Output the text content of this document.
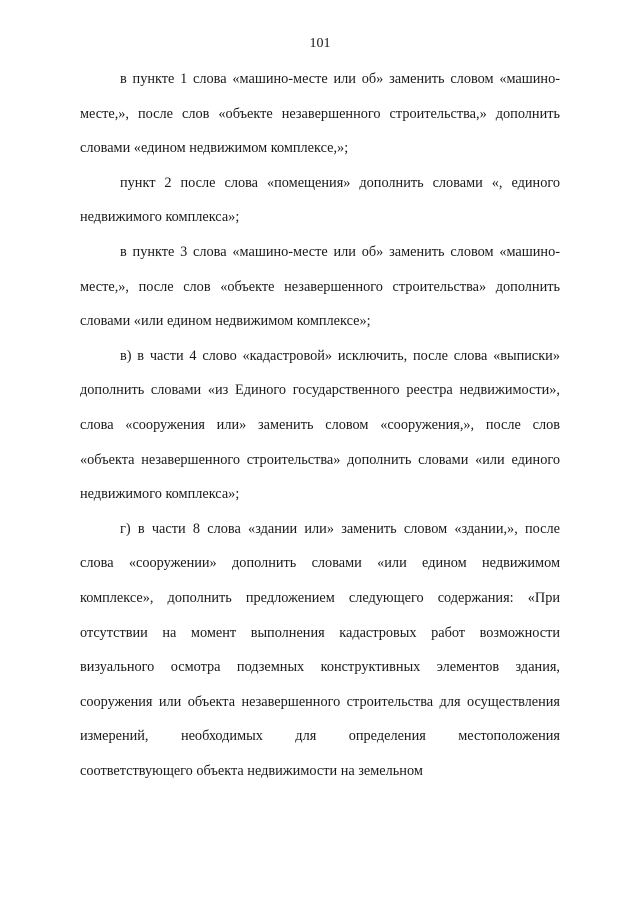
101

в пункте 1 слова «машино-месте или об» заменить словом «машино-месте,», после слов «объекте незавершенного строительства,» дополнить словами «едином недвижимом комплексе,»;

пункт 2 после слова «помещения» дополнить словами «, единого недвижимого комплекса»;

в пункте 3 слова «машино-месте или об» заменить словом «машино-месте,», после слов «объекте незавершенного строительства» дополнить словами «или едином недвижимом комплексе»;

в) в части 4 слово «кадастровой» исключить, после слова «выписки» дополнить словами «из Единого государственного реестра недвижимости», слова «сооружения или» заменить словом «сооружения,», после слов «объекта незавершенного строительства» дополнить словами «или единого недвижимого комплекса»;

г) в части 8 слова «здании или» заменить словом «здании,», после слова «сооружении» дополнить словами «или едином недвижимом комплексе», дополнить предложением следующего содержания: «При отсутствии на момент выполнения кадастровых работ возможности визуального осмотра подземных конструктивных элементов здания, сооружения или объекта незавершенного строительства для осуществления измерений, необходимых для определения местоположения соответствующего объекта недвижимости на земельном
